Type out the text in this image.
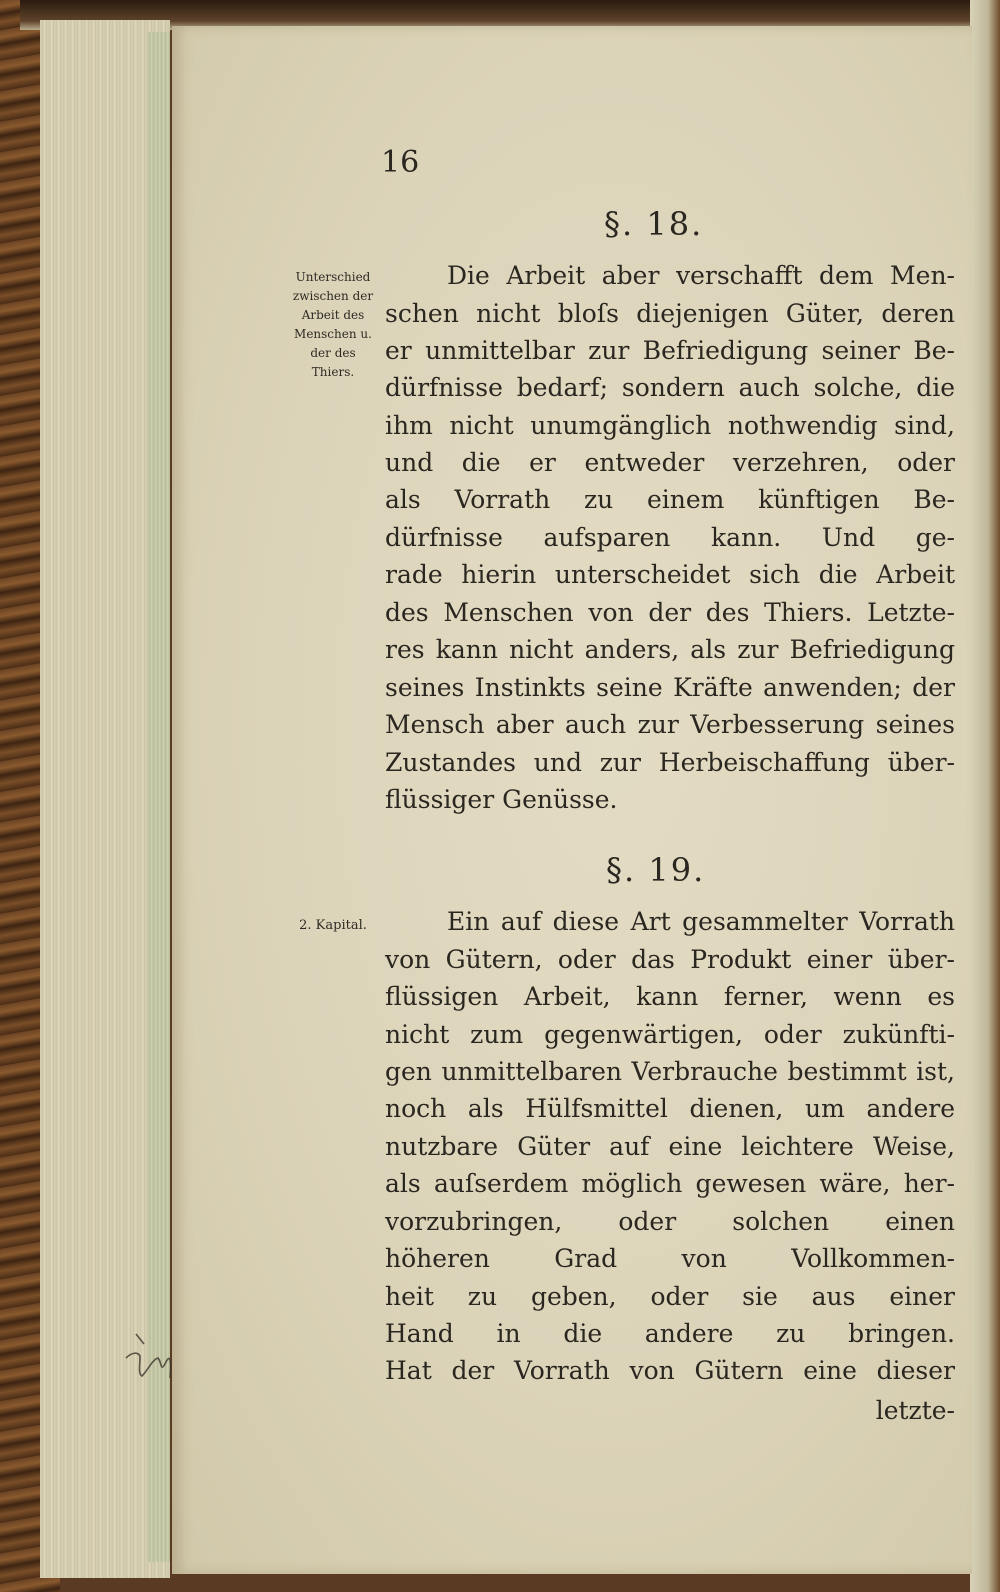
16
§. 18.
Unterschied
zwischen der
Arbeit des
Menschen u.
der des
Thiers.
Die Arbeit aber verschafft dem Men-
schen nicht bloſs diejenigen Güter, deren
er unmittelbar zur Befriedigung seiner Be-
dürfnisse bedarf; sondern auch solche, die
ihm nicht unumgänglich nothwendig sind,
und die er entweder verzehren, oder
als Vorrath zu einem künftigen Be-
dürfnisse aufsparen kann. Und ge-
rade hierin unterscheidet sich die Arbeit
des Menschen von der des Thiers. Letzte-
res kann nicht anders, als zur Befriedigung
seines Instinkts seine Kräfte anwenden; der
Mensch aber auch zur Verbesserung seines
Zustandes und zur Herbeischaffung über-
flüssiger Genüsse.
§. 19.
2. Kapital.	Ein auf diese Art gesammelter Vorrath
von Gütern, oder das Produkt einer über-
flüssigen Arbeit, kann ferner, wenn es
nicht zum gegenwärtigen, oder zukünfti-
gen unmittelbaren Verbrauche bestimmt ist,
noch als Hülfsmittel dienen, um andere
nutzbare Güter auf eine leichtere Weise,
als auſserdem möglich gewesen wäre, her-
vorzubringen, oder solchen einen
höheren Grad von Vollkommen-
heit zu geben, oder sie aus einer
Hand in die andere zu bringen.
Hat der Vorrath von Gütern eine dieser
letzte-
